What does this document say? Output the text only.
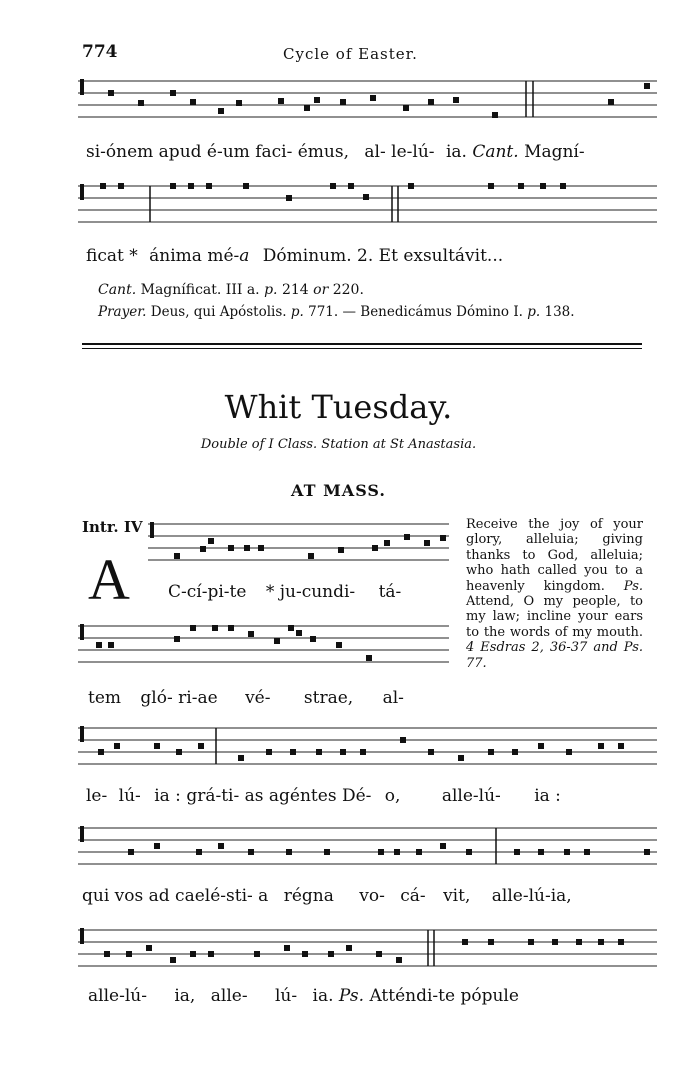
774	Cycle of Easter.
si-ónem apud é-um faci- émus, al- le-lú- ia. Cant. Magní-
ficat * ánima mé-a Dóminum. 2. Et exsultávit...
Cant. Magníficat. III a. p. 214 or 220.
Prayer. Deus, qui Apóstolis. p. 771. — Benedicámus Dómino I. p. 138.
Whit Tuesday.
Double of I Class. Station at St Anastasia.
AT MASS.
Intr. IV
A C-cí-pi-te * ju-cundi- tá-
tem gló- ri-ae vé- strae, al-
Receive the joy of your glory, alleluia; giving thanks to God, alleluia; who hath called you to a heavenly kingdom. Ps. Attend, O my people, to my law; incline your ears to the words of my mouth. 4 Esdras 2, 36-37 and Ps. 77.
le- lú- ia : grá-ti- as agéntes Dé- o, alle-lú- ia :
qui vos ad caelé-sti- a régna vo- cá- vit, alle-lú-ia,
alle-lú- ia, alle- lú- ia. Ps. Atténdi-te pópule
